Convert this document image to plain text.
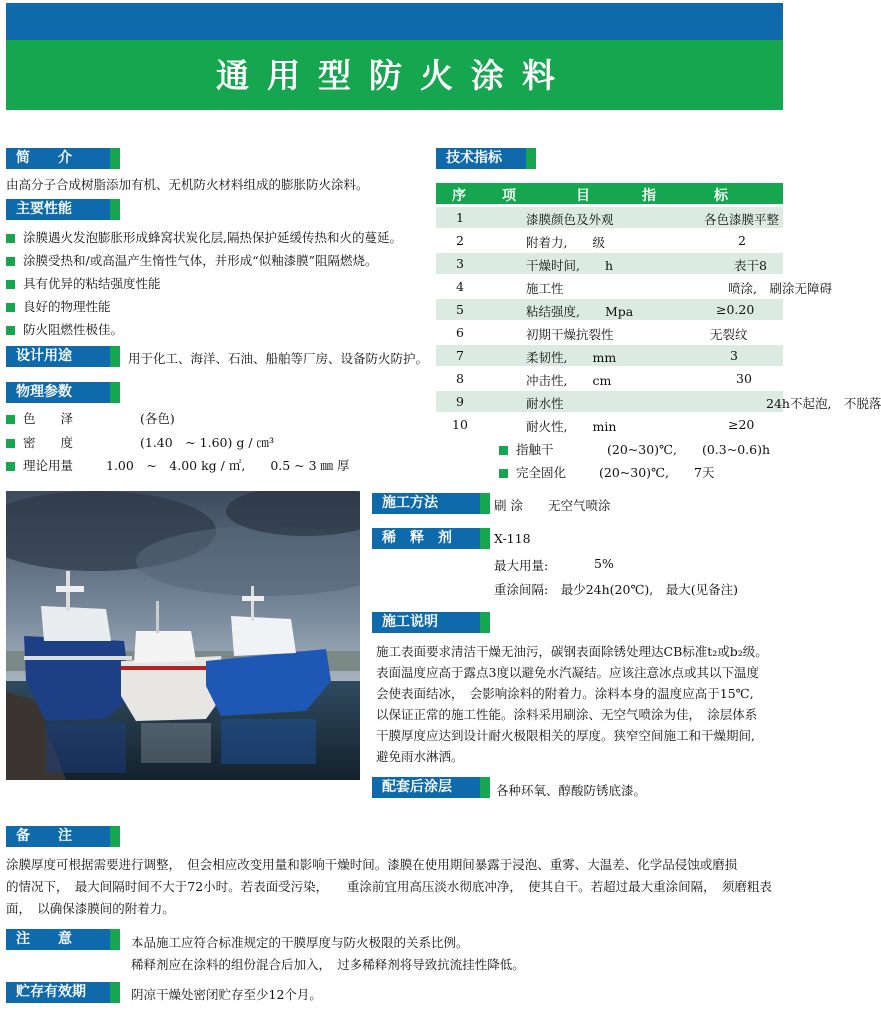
通用型防火涂料
简　　介
由高分子合成树脂添加有机、无机防火材料组成的膨胀防火涂料。
主要性能
涂膜遇火发泡膨胀形成蜂窝状炭化层,隔热保护延缓传热和火的蔓延。
涂膜受热和/或高温产生惰性气体，并形成“似釉漆膜”阻隔燃烧。
具有优异的粘结强度性能
良好的物理性能
防火阻燃性极佳。
设计用途	用于化工、海洋、石油、船舶等厂房、设备防火防护。
物理参数
色　　泽	(各色)
密　　度	(1.40　~ 1.60) g / ㎝³
理论用量	1.00　~　4.00 kg / ㎡,　　0.5 ~ 3 ㎜ 厚
技术指标
序	项	目	指	标
1	漆膜颜色及外观	各色漆膜平整
2	附着力,　　级	2
3	干燥时间,　　h	表干8
4	施工性	喷涂,　刷涂无障碍
5	粘结强度,　　Mpa	≥0.20
6	初期干燥抗裂性	无裂纹
7	柔韧性,　　mm	3
8	冲击性,　　cm	30
9	耐水性	24h不起泡,　不脱落
10	耐火性,　　min	≥20
指触干	(20~30)℃,　　(0.3~0.6)h
完全固化	(20~30)℃,　　7天
施工方法	刷 涂　　无空气喷涂
稀　释　剂	X-118
最大用量:	5%
重涂间隔:　最少24h(20℃),　最大(见备注)
施工说明
施工表面要求清洁干燥无油污，碳钢表面除锈处理达CB标准t₂或b₂级。
表面温度应高于露点3度以避免水汽凝结。应该注意冰点或其以下温度
会使表面结冰，　会影响涂料的附着力。涂料本身的温度应高于15℃,
以保证正常的施工性能。涂料采用刷涂、无空气喷涂为佳，　涂层体系
干膜厚度应达到设计耐火极限相关的厚度。狭窄空间施工和干燥期间,
避免雨水淋洒。
配套后涂层	各种环氧、醇酸防锈底漆。
备　　注
涂膜厚度可根据需要进行调整，　但会相应改变用量和影响干燥时间。漆膜在使用期间暴露于浸泡、重雾、大温差、化学品侵蚀或磨损
的情况下，　最大间隔时间不大于72小时。若表面受污染，　　重涂前宜用高压淡水彻底冲净，　使其自干。若超过最大重涂间隔，　须磨粗表
面，　以确保漆膜间的附着力。
注　　意	本品施工应符合标准规定的干膜厚度与防火极限的关系比例。
稀释剂应在涂料的组份混合后加入，　过多稀释剂将导致抗流挂性降低。
贮存有效期	阴凉干燥处密闭贮存至少12个月。
